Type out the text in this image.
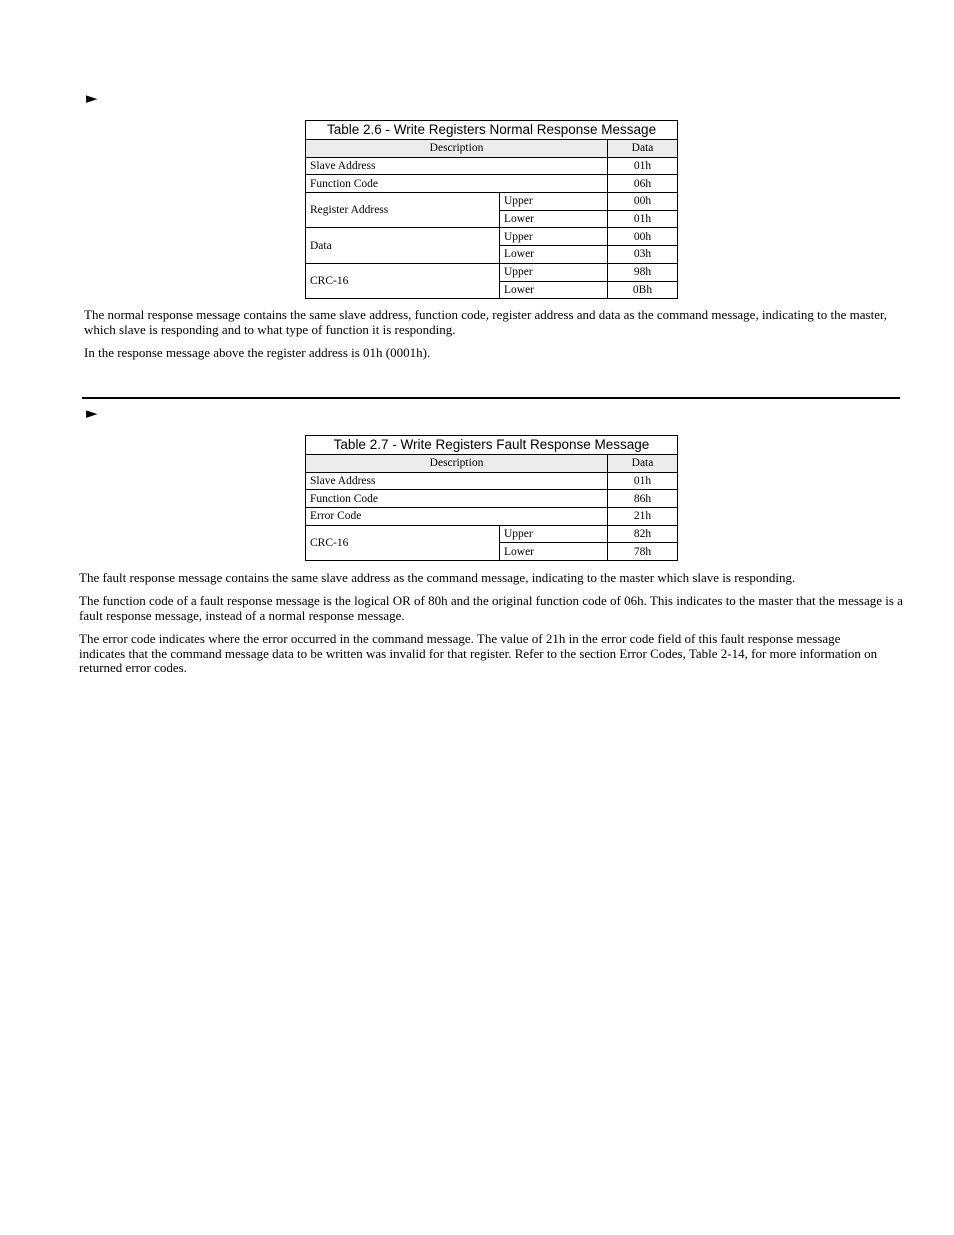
►
Table 2.6 - Write Registers Normal Response Message		
Description		Data
Slave Address		01h
Function Code		06h
Register Address	Upper	00h
	Lower	01h
Data	Upper	00h
	Lower	03h
CRC-16	Upper	98h
	Lower	0Bh

The normal response message contains the same slave address, function code, register address and data as the command message, indicating to the master, which slave is responding and to what type of function it is responding.

In the response message above the register address is 01h (0001h).

►
Table 2.7 - Write Registers Fault Response Message		
Description		Data
Slave Address		01h
Function Code		86h
Error Code		21h
CRC-16	Upper	82h
	Lower	78h

The fault response message contains the same slave address as the command message, indicating to the master which slave is responding.

The function code of a fault response message is the logical OR of 80h and the original function code of 06h. This indicates to the master that the message is a fault response message, instead of a normal response message.

The error code indicates where the error occurred in the command message. The value of 21h in the error code field of this fault response message indicates that the command message data to be written was invalid for that register. Refer to the section Error Codes, Table 2-14, for more information on returned error codes.
